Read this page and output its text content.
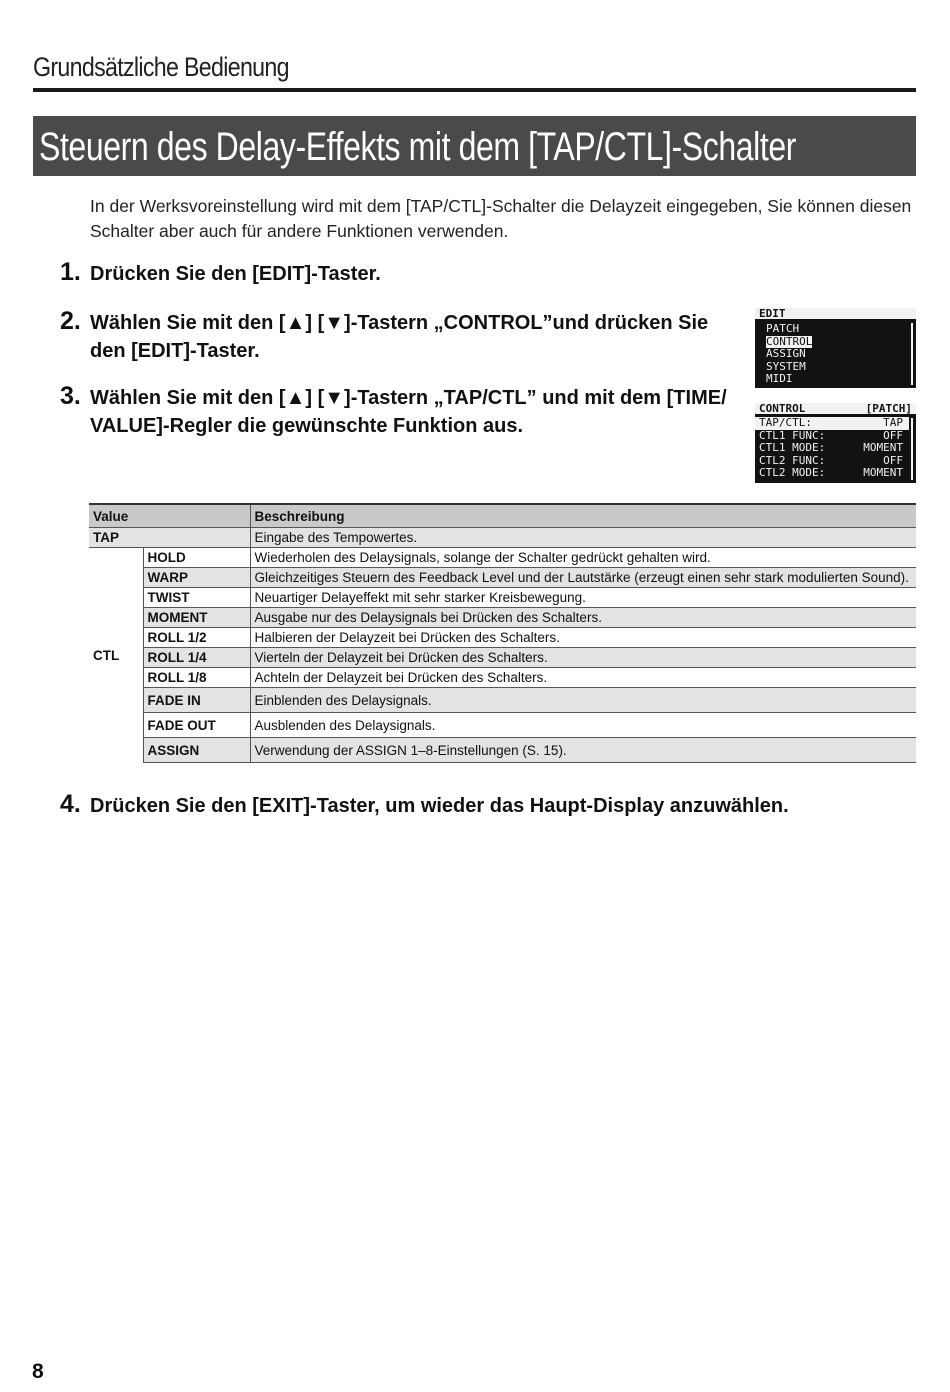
Grundsätzliche Bedienung
Steuern des Delay-Effekts mit dem [TAP/CTL]-Schalter
In der Werksvoreinstellung wird mit dem [TAP/CTL]-Schalter die Delayzeit eingegeben, Sie können diesen Schalter aber auch für andere Funktionen verwenden.
1. Drücken Sie den [EDIT]-Taster.
2. Wählen Sie mit den [▲] [▼]-Tastern „CONTROL”und drücken Sie
den [EDIT]-Taster.
3. Wählen Sie mit den [▲] [▼]-Tastern „TAP/CTL” und mit dem [TIME/
VALUE]-Regler die gewünschte Funktion aus.
EDIT
PATCH
CONTROL
ASSIGN
SYSTEM
MIDI
CONTROL	[PATCH]
TAP/CTL:	TAP
CTL1 FUNC:	OFF
CTL1 MODE:	MOMENT
CTL2 FUNC:	OFF
CTL2 MODE:	MOMENT
Value		Beschreibung
TAP		Eingabe des Tempowertes.
CTL	HOLD	Wiederholen des Delaysignals, solange der Schalter gedrückt gehalten wird.
	WARP	Gleichzeitiges Steuern des Feedback Level und der Lautstärke (erzeugt einen sehr stark modulierten Sound).
	TWIST	Neuartiger Delayeffekt mit sehr starker Kreisbewegung.
	MOMENT	Ausgabe nur des Delaysignals bei Drücken des Schalters.
	ROLL 1/2	Halbieren der Delayzeit bei Drücken des Schalters.
	ROLL 1/4	Vierteln der Delayzeit bei Drücken des Schalters.
	ROLL 1/8	Achteln der Delayzeit bei Drücken des Schalters.
	FADE IN	Einblenden des Delaysignals.
	FADE OUT	Ausblenden des Delaysignals.
	ASSIGN	Verwendung der ASSIGN 1–8-Einstellungen (S. 15).
4. Drücken Sie den [EXIT]-Taster, um wieder das Haupt-Display anzuwählen.
8
